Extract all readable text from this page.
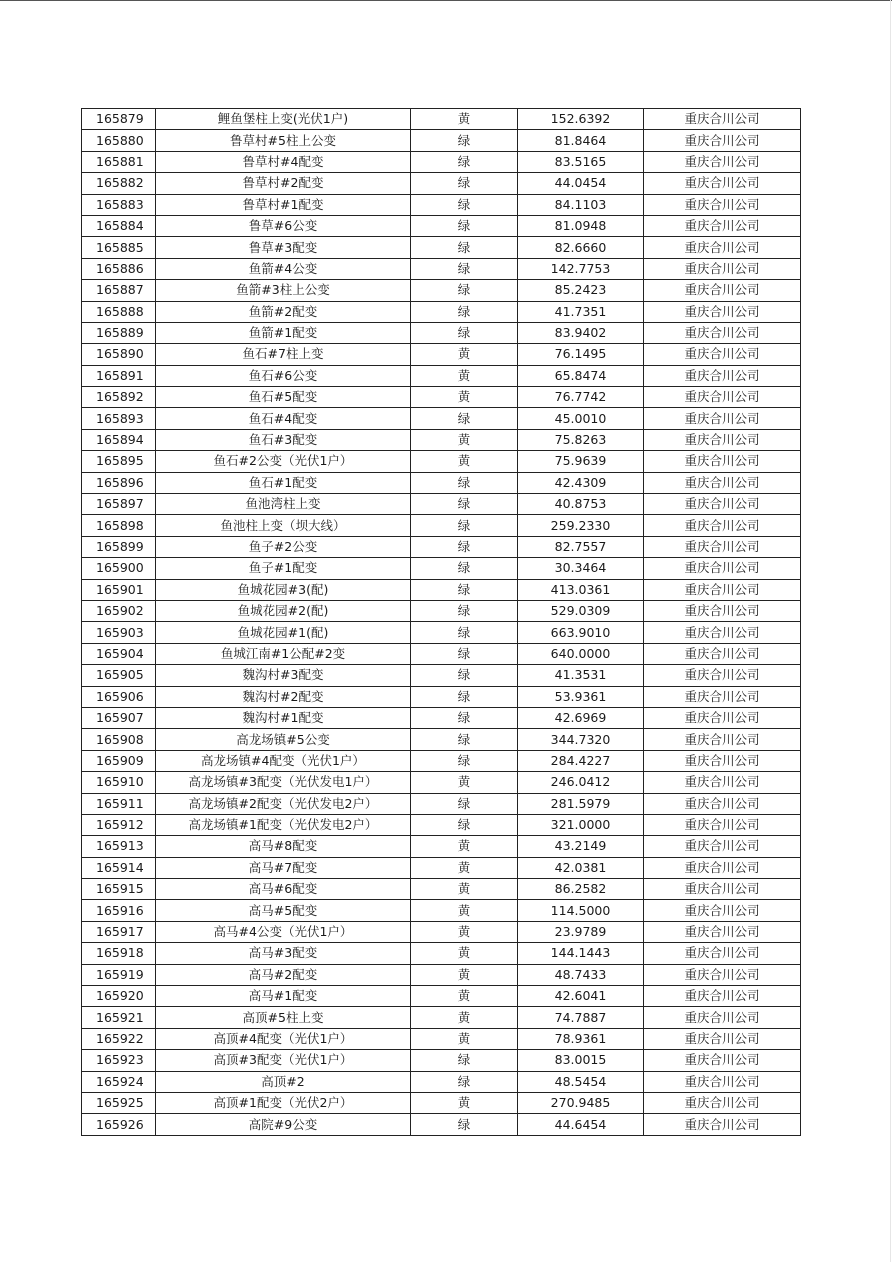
165879	鲤鱼堡柱上变(光伏1户)	黄	152.6392	重庆合川公司
165880	鲁草村#5柱上公变	绿	81.8464	重庆合川公司
165881	鲁草村#4配变	绿	83.5165	重庆合川公司
165882	鲁草村#2配变	绿	44.0454	重庆合川公司
165883	鲁草村#1配变	绿	84.1103	重庆合川公司
165884	鲁草#6公变	绿	81.0948	重庆合川公司
165885	鲁草#3配变	绿	82.6660	重庆合川公司
165886	鱼箭#4公变	绿	142.7753	重庆合川公司
165887	鱼箭#3柱上公变	绿	85.2423	重庆合川公司
165888	鱼箭#2配变	绿	41.7351	重庆合川公司
165889	鱼箭#1配变	绿	83.9402	重庆合川公司
165890	鱼石#7柱上变	黄	76.1495	重庆合川公司
165891	鱼石#6公变	黄	65.8474	重庆合川公司
165892	鱼石#5配变	黄	76.7742	重庆合川公司
165893	鱼石#4配变	绿	45.0010	重庆合川公司
165894	鱼石#3配变	黄	75.8263	重庆合川公司
165895	鱼石#2公变（光伏1户）	黄	75.9639	重庆合川公司
165896	鱼石#1配变	绿	42.4309	重庆合川公司
165897	鱼池湾柱上变	绿	40.8753	重庆合川公司
165898	鱼池柱上变（坝大线）	绿	259.2330	重庆合川公司
165899	鱼子#2公变	绿	82.7557	重庆合川公司
165900	鱼子#1配变	绿	30.3464	重庆合川公司
165901	鱼城花园#3(配)	绿	413.0361	重庆合川公司
165902	鱼城花园#2(配)	绿	529.0309	重庆合川公司
165903	鱼城花园#1(配)	绿	663.9010	重庆合川公司
165904	鱼城江南#1公配#2变	绿	640.0000	重庆合川公司
165905	魏沟村#3配变	绿	41.3531	重庆合川公司
165906	魏沟村#2配变	绿	53.9361	重庆合川公司
165907	魏沟村#1配变	绿	42.6969	重庆合川公司
165908	高龙场镇#5公变	绿	344.7320	重庆合川公司
165909	高龙场镇#4配变（光伏1户）	绿	284.4227	重庆合川公司
165910	高龙场镇#3配变（光伏发电1户）	黄	246.0412	重庆合川公司
165911	高龙场镇#2配变（光伏发电2户）	绿	281.5979	重庆合川公司
165912	高龙场镇#1配变（光伏发电2户）	绿	321.0000	重庆合川公司
165913	高马#8配变	黄	43.2149	重庆合川公司
165914	高马#7配变	黄	42.0381	重庆合川公司
165915	高马#6配变	黄	86.2582	重庆合川公司
165916	高马#5配变	黄	114.5000	重庆合川公司
165917	高马#4公变（光伏1户）	黄	23.9789	重庆合川公司
165918	高马#3配变	黄	144.1443	重庆合川公司
165919	高马#2配变	黄	48.7433	重庆合川公司
165920	高马#1配变	黄	42.6041	重庆合川公司
165921	高顶#5柱上变	黄	74.7887	重庆合川公司
165922	高顶#4配变（光伏1户）	黄	78.9361	重庆合川公司
165923	高顶#3配变（光伏1户）	绿	83.0015	重庆合川公司
165924	高顶#2	绿	48.5454	重庆合川公司
165925	高顶#1配变（光伏2户）	黄	270.9485	重庆合川公司
165926	高院#9公变	绿	44.6454	重庆合川公司
